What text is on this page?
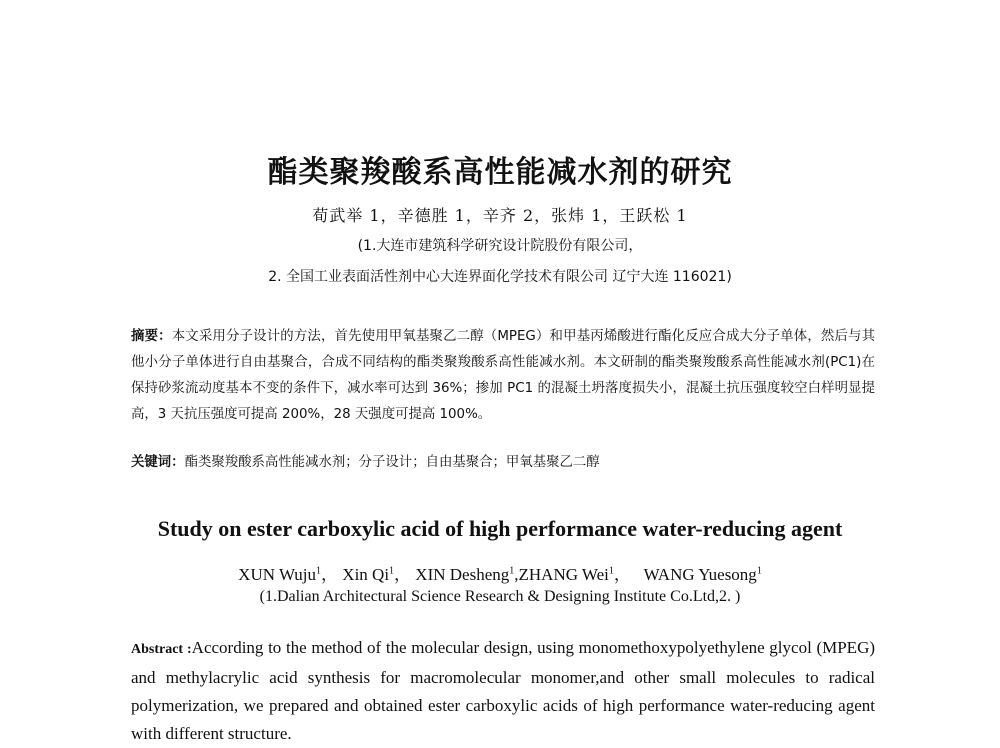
酯类聚羧酸系高性能减水剂的研究
荀武举 1，辛德胜 1，辛齐 2，张炜 1，王跃松 1
(1.大连市建筑科学研究设计院股份有限公司，
2. 全国工业表面活性剂中心大连界面化学技术有限公司 辽宁大连 116021)
摘要：本文采用分子设计的方法，首先使用甲氧基聚乙二醇（MPEG）和甲基丙烯酸进行酯化反应合成大分子单体，然后与其他小分子单体进行自由基聚合，合成不同结构的酯类聚羧酸系高性能减水剂。本文研制的酯类聚羧酸系高性能减水剂(PC1)在保持砂浆流动度基本不变的条件下，减水率可达到 36%；掺加 PC1 的混凝土坍落度损失小，混凝土抗压强度较空白样明显提高，3 天抗压强度可提高 200%，28 天强度可提高 100%。
关键词：酯类聚羧酸系高性能减水剂；分子设计；自由基聚合；甲氧基聚乙二醇
Study on ester carboxylic acid of high performance water-reducing agent
XUN Wuju$^1$， Xin Qi$^1$， XIN Desheng$^1$,ZHANG Wei$^1$， WANG Yuesong$^1$
(1.Dalian Architectural Science Research & Designing Institute Co.Ltd,2. )
Abstract :According to the method of the molecular design, using monomethoxypolyethylene glycol (MPEG) and methylacrylic acid synthesis for macromolecular monomer,and other small molecules to radical polymerization, we prepared and obtained ester carboxylic acids of high performance water-reducing agent with different structure.
